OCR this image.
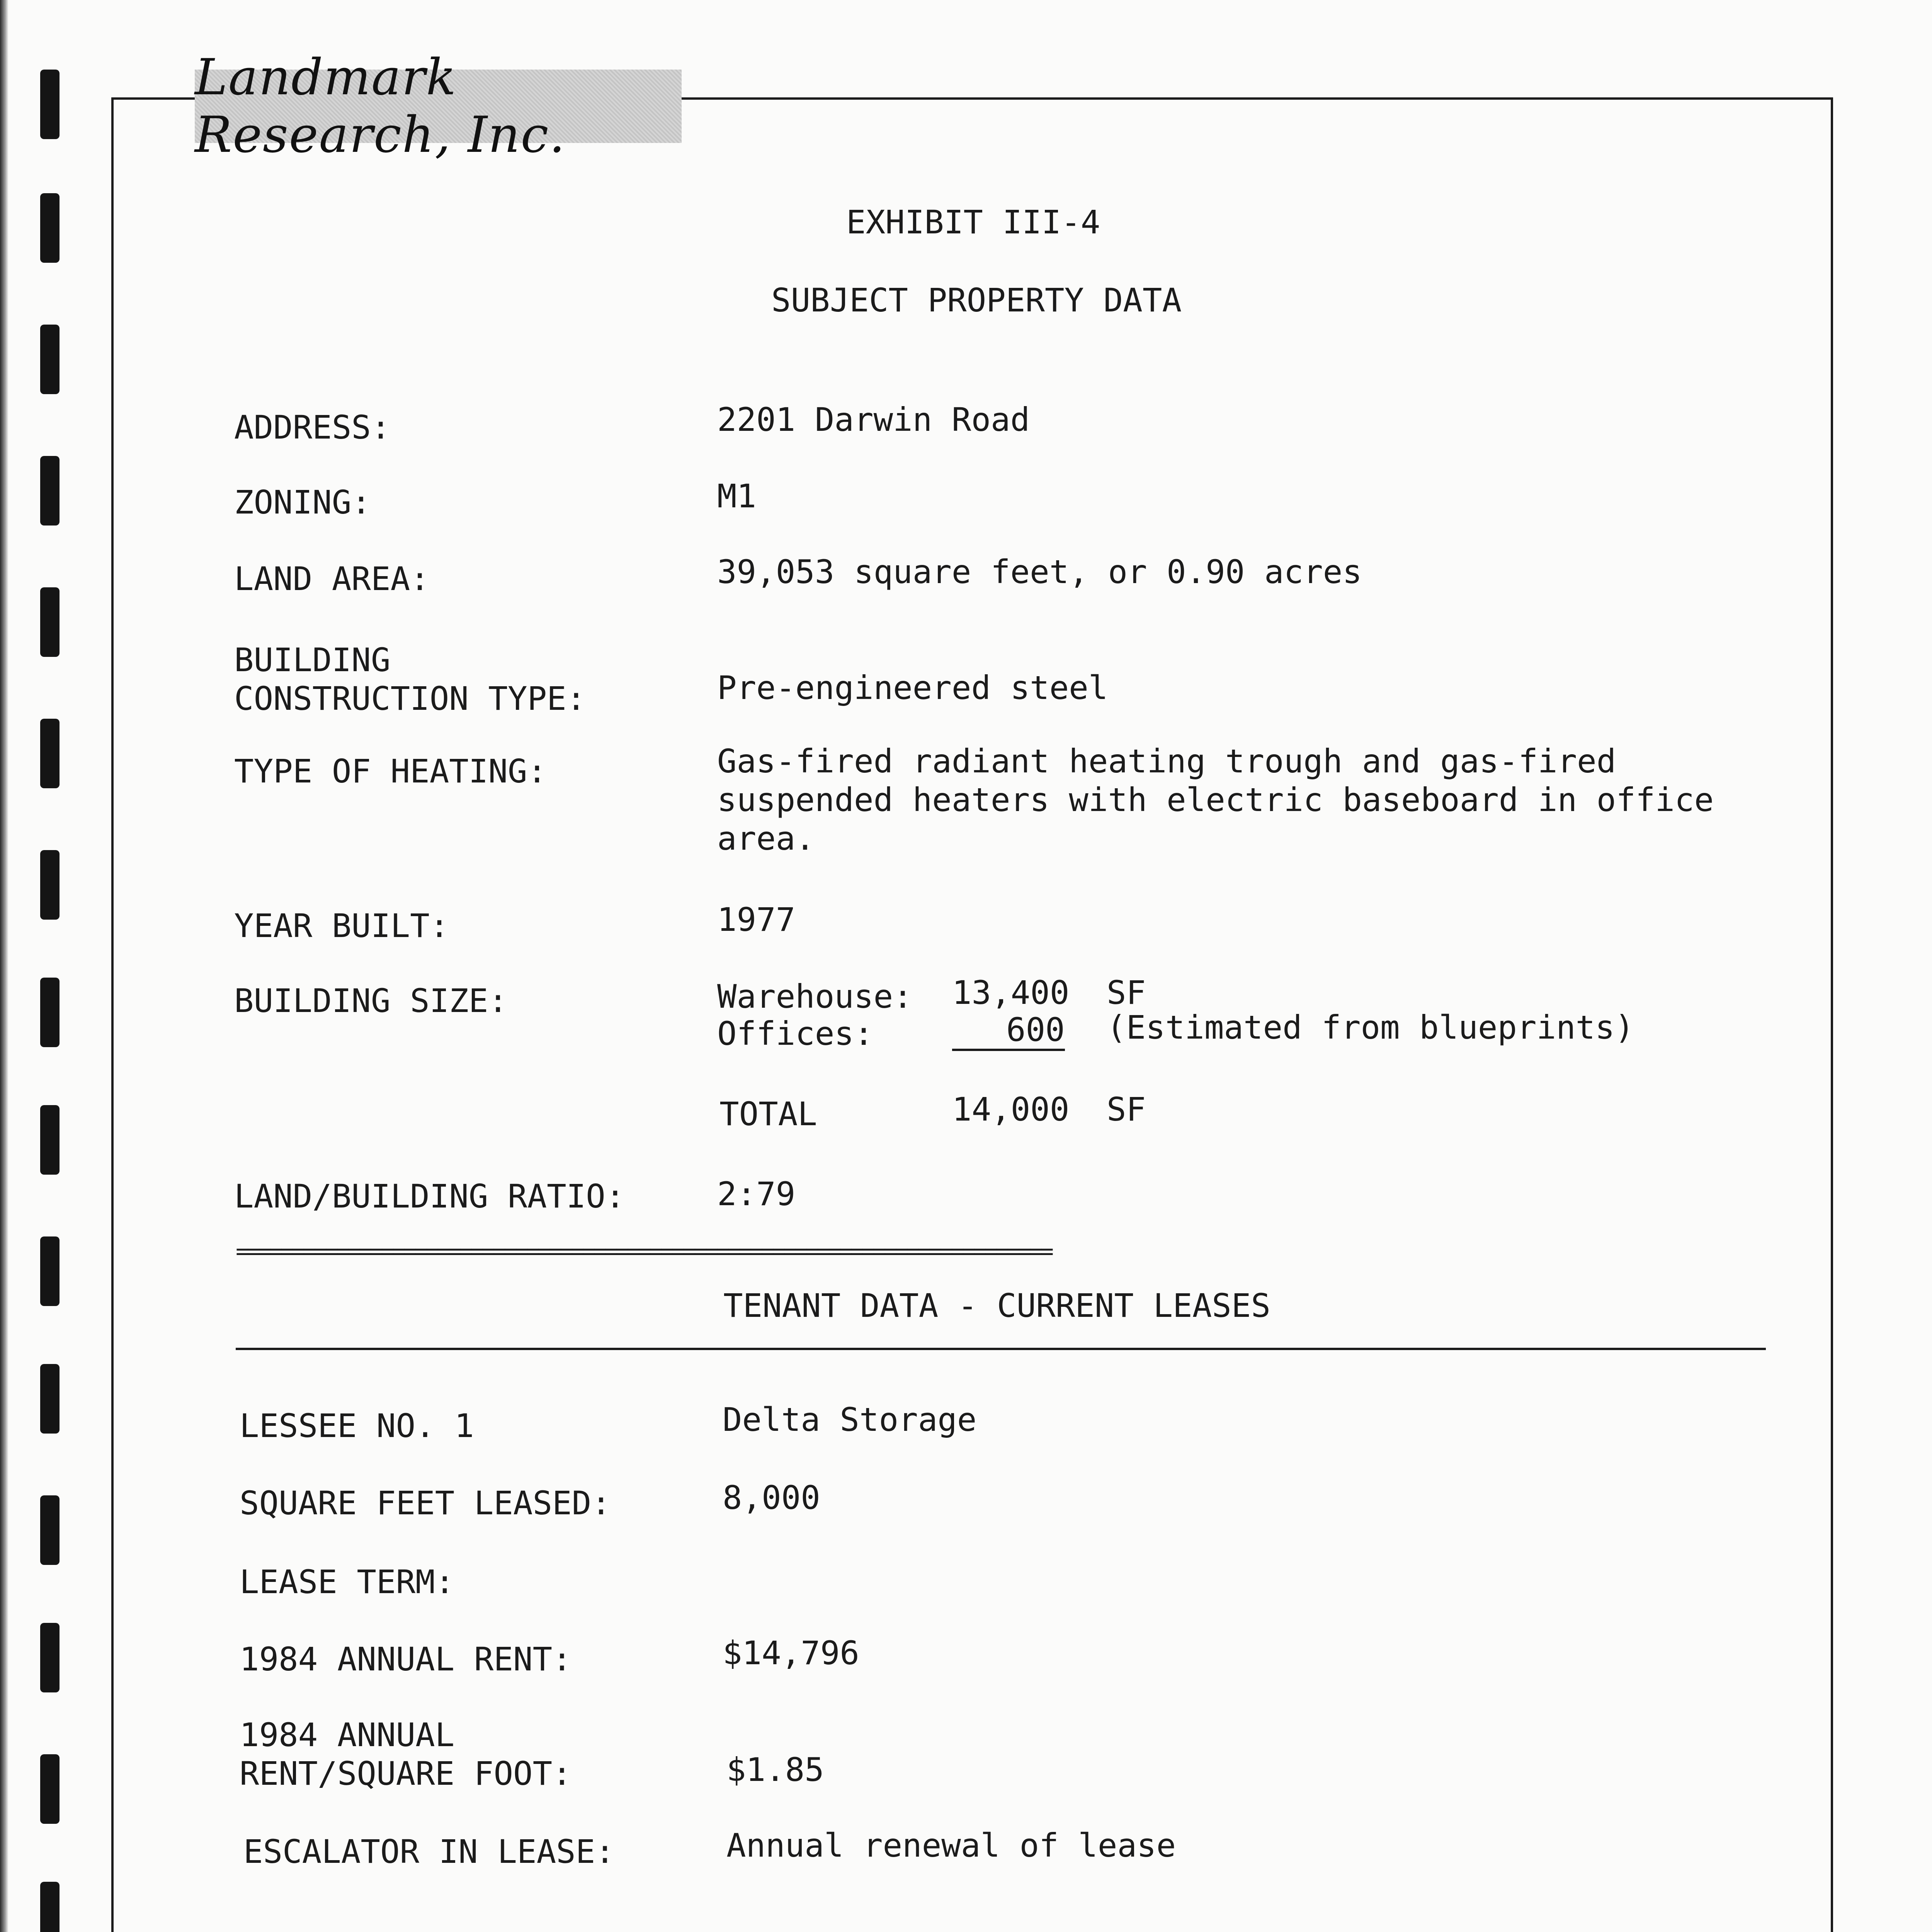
Landmark Research, Inc.
EXHIBIT III-4
SUBJECT PROPERTY DATA
ADDRESS:	2201 Darwin Road
ZONING:	M1
LAND AREA:	39,053 square feet, or 0.90 acres
BUILDING
CONSTRUCTION TYPE:	Pre-engineered steel
TYPE OF HEATING:	Gas-fired radiant heating trough and gas-fired
suspended heaters with electric baseboard in office
area.
YEAR BUILT:	1977
BUILDING SIZE:	Warehouse: 13,400 SF
Offices:	600 (Estimated from blueprints)
TOTAL	14,000 SF
LAND/BUILDING RATIO:	2:79
=========================================================================
TENANT DATA - CURRENT LEASES
LESSEE NO. 1	Delta Storage
SQUARE FEET LEASED:	8,000
LEASE TERM:
1984 ANNUAL RENT:	$14,796
1984 ANNUAL
RENT/SQUARE FOOT:	$1.85
ESCALATOR IN LEASE:	Annual renewal of lease
